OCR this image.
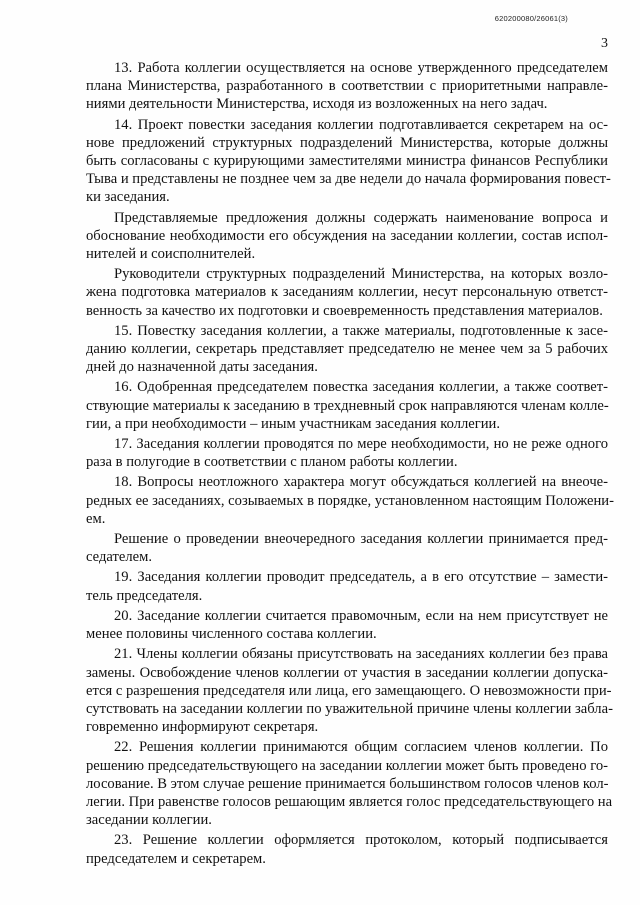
620200080/26061(3)
3

13. Работа коллегии осуществляется на основе утвержденного председателем
плана Министерства, разработанного в соответствии с приоритетными направле-
ниями деятельности Министерства, исходя из возложенных на него задач.

14. Проект повестки заседания коллегии подготавливается секретарем на ос-
нове предложений структурных подразделений Министерства, которые должны
быть согласованы с курирующими заместителями министра финансов Республики
Тыва и представлены не позднее чем за две недели до начала формирования повест-
ки заседания.

Представляемые предложения должны содержать наименование вопроса и
обоснование необходимости его обсуждения на заседании коллегии, состав испол-
нителей и соисполнителей.

Руководители структурных подразделений Министерства, на которых возло-
жена подготовка материалов к заседаниям коллегии, несут персональную ответст-
венность за качество их подготовки и своевременность представления материалов.

15. Повестку заседания коллегии, а также материалы, подготовленные к засе-
данию коллегии, секретарь представляет председателю не менее чем за 5 рабочих
дней до назначенной даты заседания.

16. Одобренная председателем повестка заседания коллегии, а также соответ-
ствующие материалы к заседанию в трехдневный срок направляются членам колле-
гии, а при необходимости – иным участникам заседания коллегии.

17. Заседания коллегии проводятся по мере необходимости, но не реже одного
раза в полугодие в соответствии с планом работы коллегии.

18. Вопросы неотложного характера могут обсуждаться коллегией на внеоче-
редных ее заседаниях, созываемых в порядке, установленном настоящим Положени-
ем.

Решение о проведении внеочередного заседания коллегии принимается пред-
седателем.

19. Заседания коллегии проводит председатель, а в его отсутствие – замести-
тель председателя.

20. Заседание коллегии считается правомочным, если на нем присутствует не
менее половины численного состава коллегии.

21. Члены коллегии обязаны присутствовать на заседаниях коллегии без права
замены. Освобождение членов коллегии от участия в заседании коллегии допуска-
ется с разрешения председателя или лица, его замещающего. О невозможности при-
сутствовать на заседании коллегии по уважительной причине члены коллегии забла-
говременно информируют секретаря.

22. Решения коллегии принимаются общим согласием членов коллегии. По
решению председательствующего на заседании коллегии может быть проведено го-
лосование. В этом случае решение принимается большинством голосов членов кол-
легии. При равенстве голосов решающим является голос председательствующего на
заседании коллегии.

23. Решение коллегии оформляется протоколом, который подписывается
председателем и секретарем.
